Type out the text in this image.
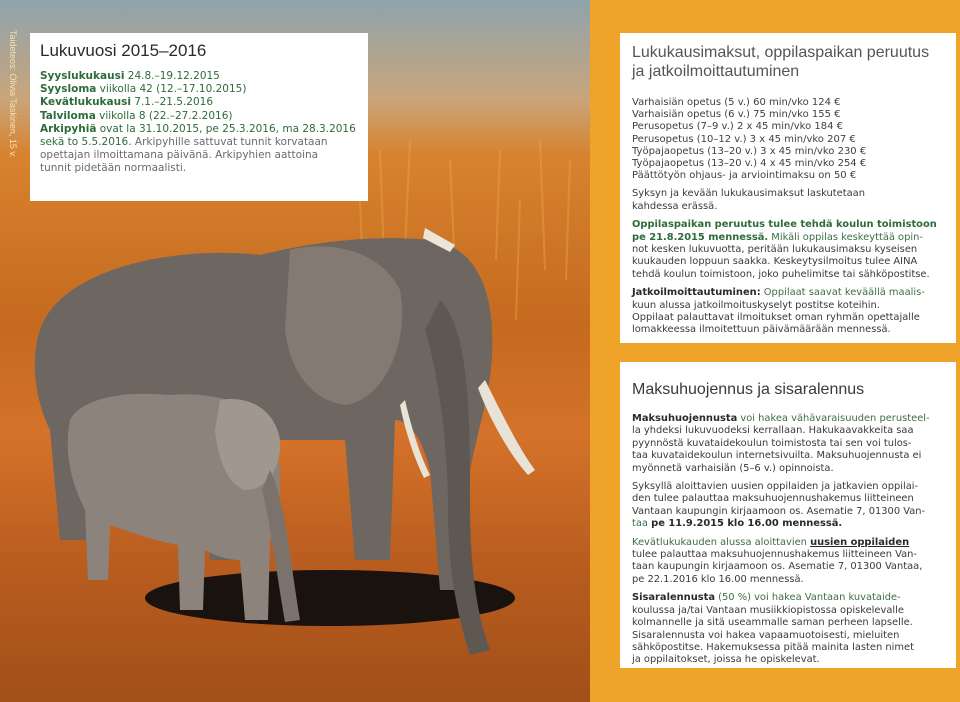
Taideteos: Olivia Taskinen, 15 v. Lukuvuosi 2015–2016

Syyslukukausi 24.8.–19.12.2015

Syysloma viikolla 42 (12.–17.10.2015)

Kevätlukukausi 7.1.–21.5.2016

Talviloma viikolla 8 (22.–27.2.2016)

Arkipyhiä ovat la 31.10.2015, pe 25.3.2016, ma 28.3.2016

sekä to 5.5.2016. Arkipyhille sattuvat tunnit korvataan

opettajan ilmoittamana päivänä. Arkipyhien aattoina

tunnit pidetään normaalisti.

Lukukausimaksut, oppilaspaikan peruutus
ja jatkoilmoittautuminen

Varhaisiän opetus (5 v.) 60 min/vko 124 €

Varhaisiän opetus (6 v.) 75 min/vko 155 €

Perusopetus (7–9 v.) 2 x 45 min/vko 184 €

Perusopetus (10–12 v.) 3 x 45 min/vko 207 €

Työpajaopetus (13–20 v.) 3 x 45 min/vko 230 €

Työpajaopetus (13–20 v.) 4 x 45 min/vko 254 €

Päättötyön ohjaus- ja arviointimaksu on 50 €

Syksyn ja kevään lukukausimaksut laskutetaan

kahdessa erässä.

Oppilaspaikan peruutus tulee tehdä koulun toimistoon

pe 21.8.2015 mennessä. Mikäli oppilas keskeyttää opin-

not kesken lukuvuotta, peritään lukukausimaksu kyseisen

kuukauden loppuun saakka. Keskeytysilmoitus tulee AINA

tehdä koulun toimistoon, joko puhelimitse tai sähköpostitse.

Jatkoilmoittautuminen: Oppilaat saavat keväällä maalis-

kuun alussa jatkoilmoituskyselyt postitse koteihin.

Oppilaat palauttavat ilmoitukset oman ryhmän opettajalle

lomakkeessa ilmoitettuun päivämäärään mennessä.

Maksuhuojennus ja sisaralennus

Maksuhuojennusta voi hakea vähävaraisuuden perusteel-

la yhdeksi lukuvuodeksi kerrallaan. Hakukaavakkeita saa

pyynnöstä kuvataidekoulun toimistosta tai sen voi tulos-

taa kuvataidekoulun internetsivuilta. Maksuhuojennusta ei

myönnetä varhaisiän (5–6 v.) opinnoista.

Syksyllä aloittavien uusien oppilaiden ja jatkavien oppilai-

den tulee palauttaa maksuhuojennushakemus liitteineen

Vantaan kaupungin kirjaamoon os. Asematie 7, 01300 Van-

taa pe 11.9.2015 klo 16.00 mennessä.

Kevätlukukauden alussa aloittavien uusien oppilaiden

tulee palauttaa maksuhuojennushakemus liitteineen Van-

taan kaupungin kirjaamoon os. Asematie 7, 01300 Vantaa,

pe 22.1.2016 klo 16.00 mennessä.

Sisaralennusta (50 %) voi hakea Vantaan kuvataide-

koulussa ja/tai Vantaan musiikkiopistossa opiskelevalle

kolmannelle ja sitä useammalle saman perheen lapselle.

Sisaralennusta voi hakea vapaamuotoisesti, mieluiten

sähköpostitse. Hakemuksessa pitää mainita lasten nimet

ja oppilaitokset, joissa he opiskelevat.
